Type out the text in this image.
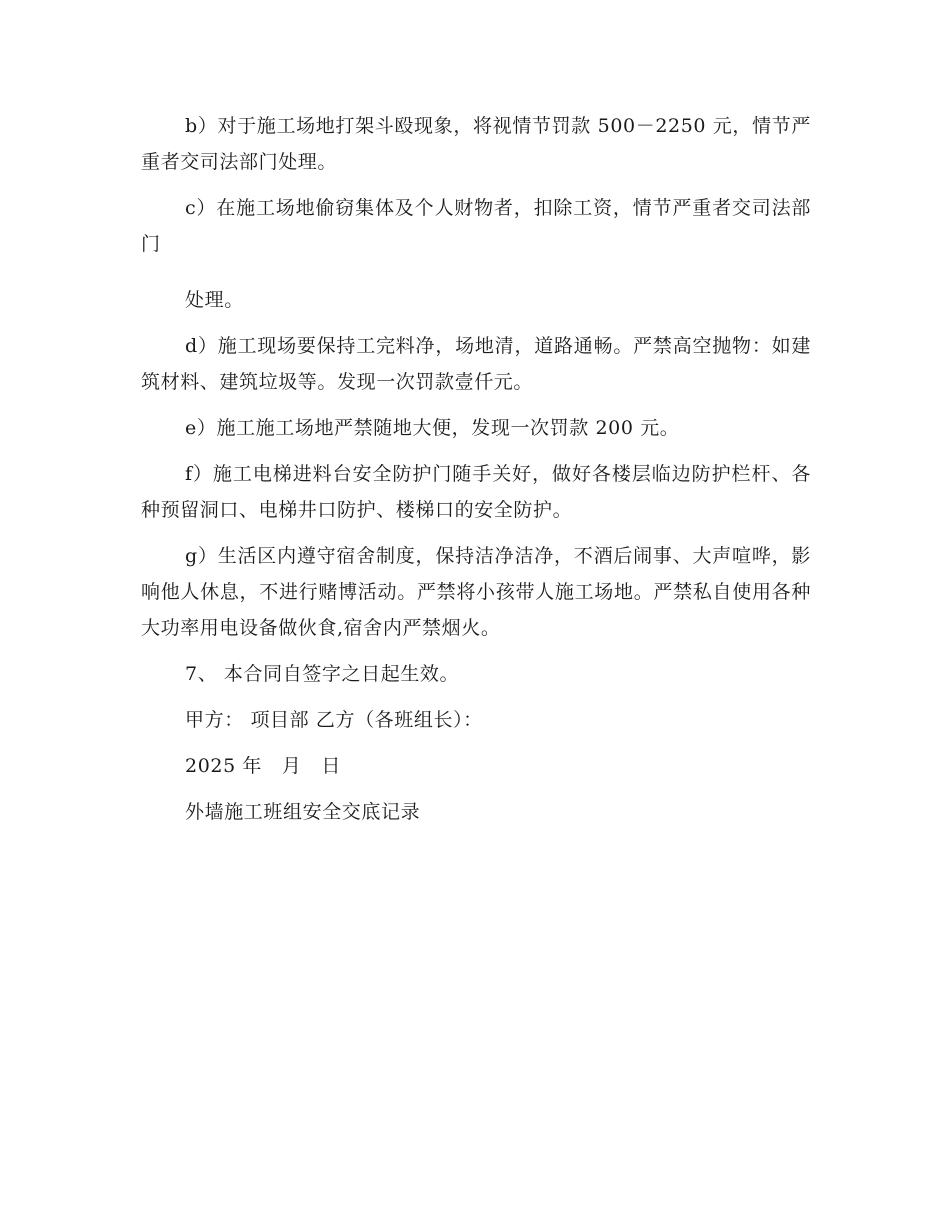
b）对于施工场地打架斗殴现象，将视情节罚款 500－2250 元，情节严重者交司法部门处理。

c）在施工场地偷窃集体及个人财物者，扣除工资，情节严重者交司法部门

处理。

d）施工现场要保持工完料净，场地清，道路通畅。严禁高空抛物：如建筑材料、建筑垃圾等。发现一次罚款壹仟元。

e）施工施工场地严禁随地大便，发现一次罚款 200 元。

f）施工电梯进料台安全防护门随手关好，做好各楼层临边防护栏杆、各种预留洞口、电梯井口防护、楼梯口的安全防护。

g）生活区内遵守宿舍制度，保持洁净洁净，不酒后闹事、大声喧哗，影响他人休息，不进行赌博活动。严禁将小孩带人施工场地。严禁私自使用各种大功率用电设备做伙食,宿舍内严禁烟火。

7、 本合同自签字之日起生效。

甲方： 项目部 乙方（各班组长）：

2025 年   月   日

外墙施工班组安全交底记录
